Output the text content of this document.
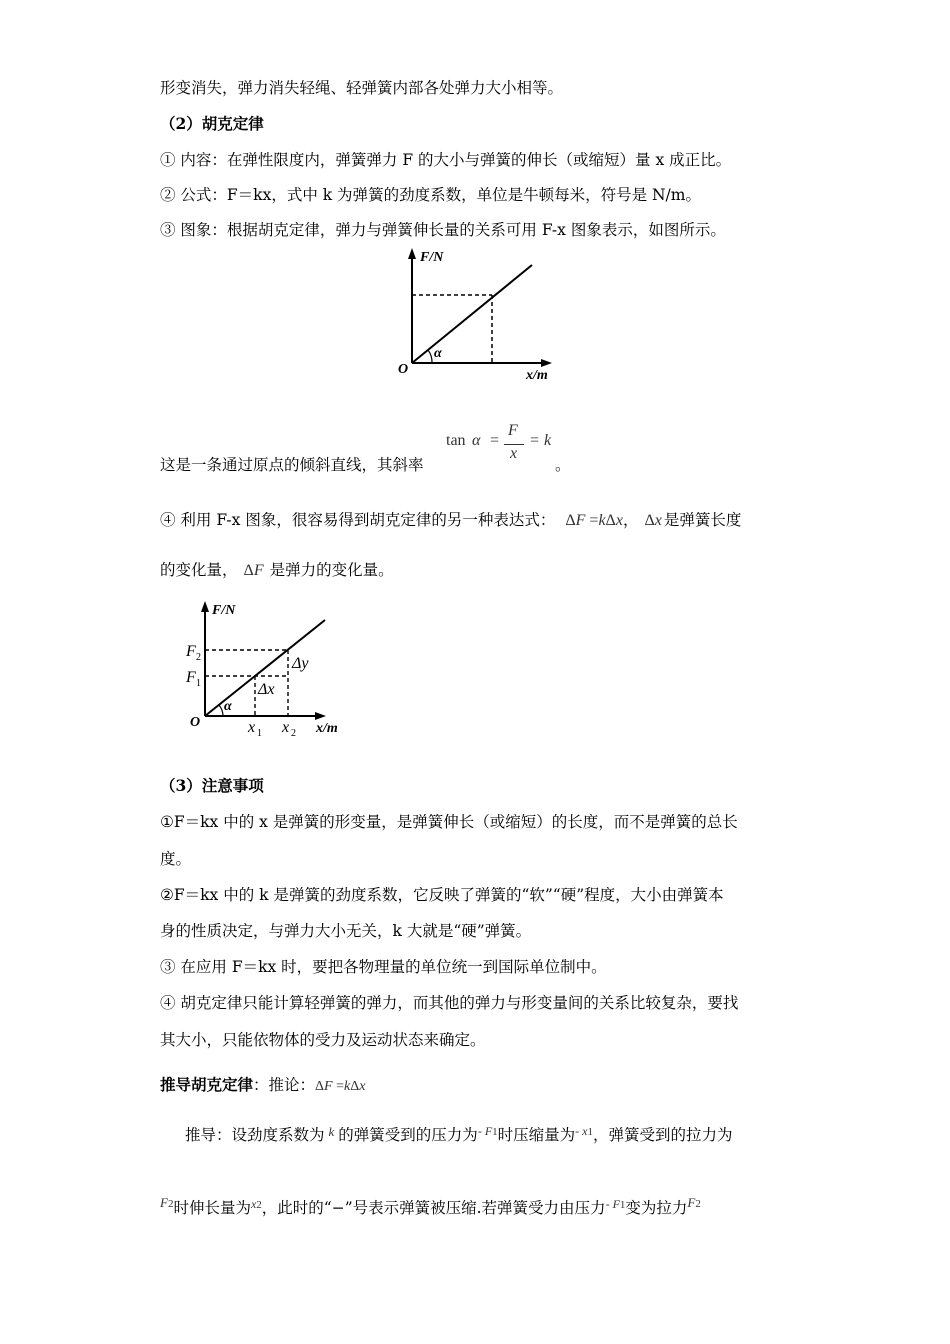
形变消失，弹力消失轻绳、轻弹簧内部各处弹力大小相等。
（2）胡克定律
① 内容：在弹性限度内，弹簧弹力 F 的大小与弹簧的伸长（或缩短）量 x 成正比。
② 公式：F＝kx，式中 k 为弹簧的劲度系数，单位是牛顿每米，符号是 N/m。
③ 图象：根据胡克定律，弹力与弹簧伸长量的关系可用 F-x 图象表示，如图所示。
F/N
x/m
O
α
这是一条通过原点的倾斜直线，其斜率
tan α =
F
x
= k
。
④ 利用 F-x 图象，很容易得到胡克定律的另一种表达式： ΔF =kΔx， Δx 是弹簧长度
的变化量， ΔF 是弹力的变化量。
F/N
x/m
O
α
F 2
F 1
x 1 x 2
Δy
Δx
（3）注意事项
①F＝kx 中的 x 是弹簧的形变量，是弹簧伸长（或缩短）的长度，而不是弹簧的总长
度。
②F＝kx 中的 k 是弹簧的劲度系数，它反映了弹簧的“软”“硬”程度，大小由弹簧本
身的性质决定，与弹力大小无关，k 大就是“硬”弹簧。
③ 在应用 F＝kx 时，要把各物理量的单位统一到国际单位制中。
④ 胡克定律只能计算轻弹簧的弹力，而其他的弹力与形变量间的关系比较复杂，要找
其大小，只能依物体的受力及运动状态来确定。
推导胡克定律：推论：ΔF =kΔx
推导：设劲度系数为 $^k$ 的弹簧受到的压力为$^{- F1}$时压缩量为$^{- x1}$，弹簧受到的拉力为
$^{F2}$时伸长量为$^{x2}$，此时的“−”号表示弹簧被压缩.若弹簧受力由压力$^{- F1}$变为拉力$^{F2}$
